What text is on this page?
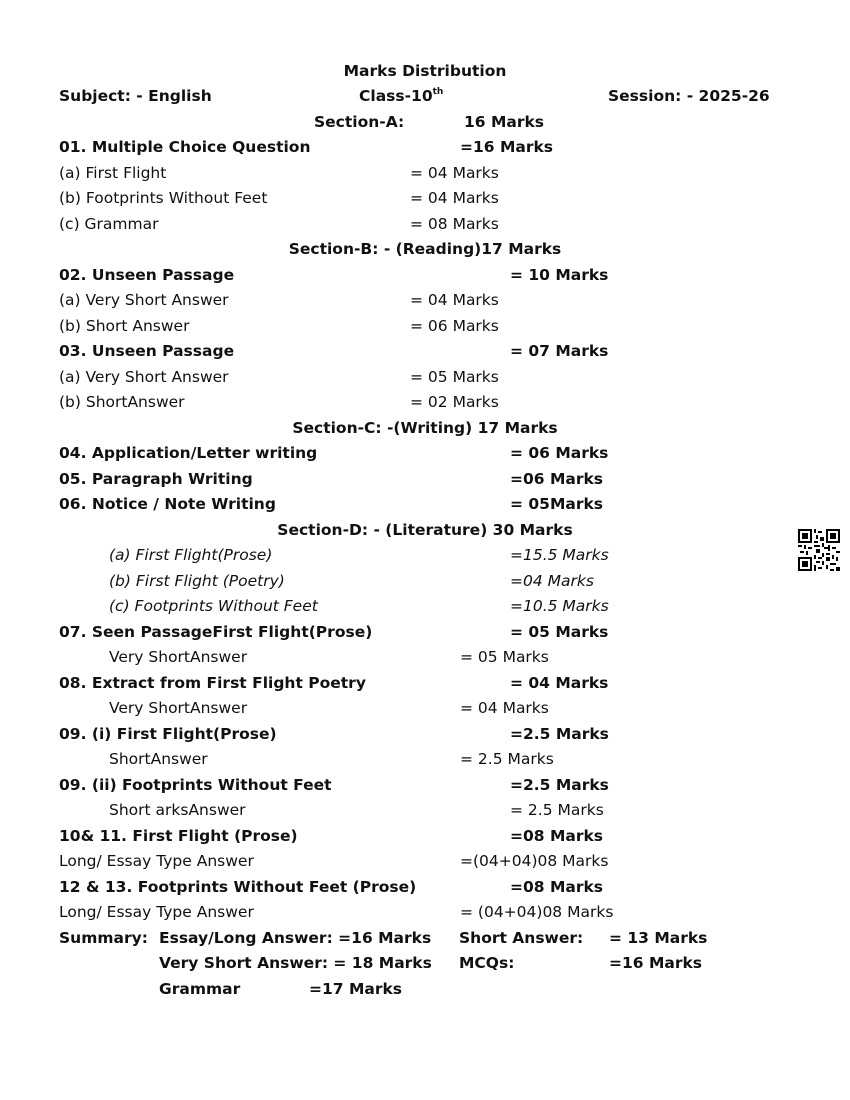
Marks Distribution
Subject: - English	Class-10th	Session: - 2025-26
Section-A:	16 Marks
01. Multiple Choice Question	=16 Marks
(a) First Flight	= 04 Marks
(b) Footprints Without Feet	= 04 Marks
(c) Grammar	= 08 Marks
Section-B: - (Reading)17 Marks
02. Unseen Passage	= 10 Marks
(a) Very Short Answer	= 04 Marks
(b) Short Answer	= 06 Marks
03. Unseen Passage	= 07 Marks
(a) Very Short Answer	= 05 Marks
(b) ShortAnswer	= 02 Marks
Section-C: -(Writing) 17 Marks
04. Application/Letter writing	= 06 Marks
05. Paragraph Writing	=06 Marks
06. Notice / Note Writing	= 05Marks
Section-D: - (Literature) 30 Marks
(a) First Flight(Prose)	=15.5 Marks
(b) First Flight (Poetry)	=04 Marks
(c) Footprints Without Feet	=10.5 Marks
07. Seen PassageFirst Flight(Prose)	= 05 Marks
Very ShortAnswer	= 05 Marks
08. Extract from First Flight Poetry	= 04 Marks
Very ShortAnswer	= 04 Marks
09. (i) First Flight(Prose)	=2.5 Marks
ShortAnswer	= 2.5 Marks
09. (ii) Footprints Without Feet	=2.5 Marks
Short arksAnswer	= 2.5 Marks
10& 11. First Flight (Prose)	=08 Marks
Long/ Essay Type Answer	=(04+04)08 Marks
12 & 13. Footprints Without Feet (Prose)	=08 Marks
Long/ Essay Type Answer	= (04+04)08 Marks
Summary: Essay/Long Answer: =16 Marks Short Answer: = 13 Marks
Very Short Answer: = 18 Marks MCQs:	=16 Marks
Grammar	=17 Marks
